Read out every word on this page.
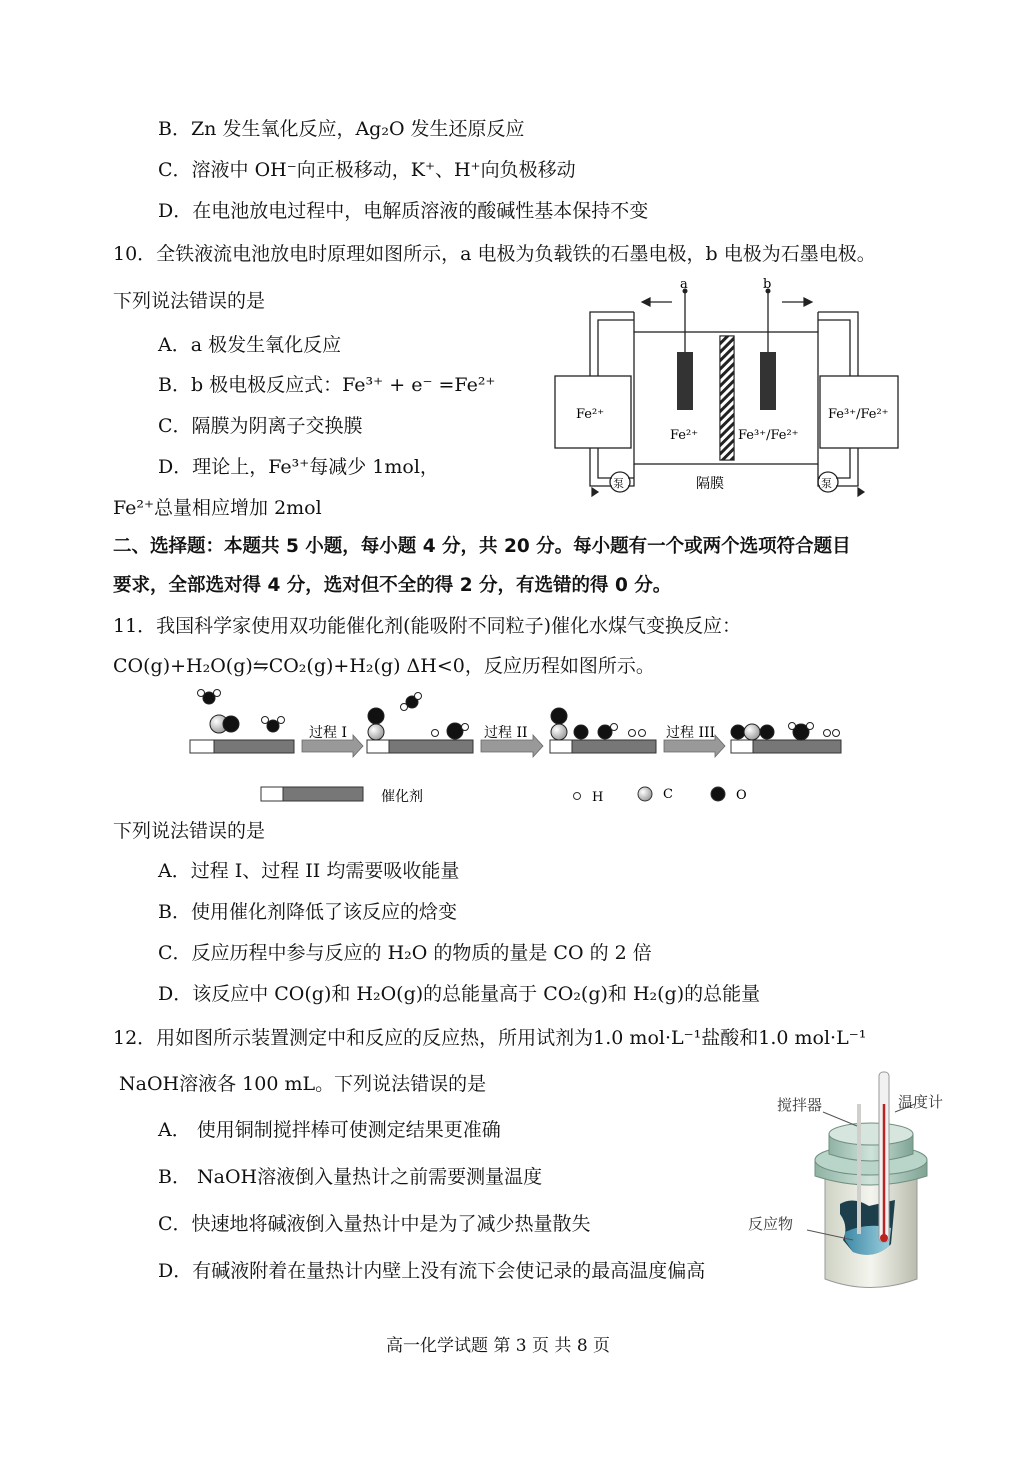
B．Zn 发生氧化反应，Ag₂O 发生还原反应
C．溶液中 OH⁻向正极移动，K⁺、H⁺向负极移动
D．在电池放电过程中，电解质溶液的酸碱性基本保持不变
10．全铁液流电池放电时原理如图所示，a 电极为负载铁的石墨电极，b 电极为石墨电极。
下列说法错误的是
A．a 极发生氧化反应
B．b 极电极反应式：Fe³⁺ + e⁻ =Fe²⁺
C．隔膜为阴离子交换膜
D．理论上，Fe³⁺每减少 1mol，
Fe²⁺总量相应增加 2mol
a	b
Fe²⁺
Fe²⁺	Fe³⁺/Fe²⁺
Fe³⁺/Fe²⁺
隔膜
泵	泵
二、选择题：本题共 5 小题，每小题 4 分，共 20 分。每小题有一个或两个选项符合题目
要求，全部选对得 4 分，选对但不全的得 2 分，有选错的得 0 分。
11．我国科学家使用双功能催化剂(能吸附不同粒子)催化水煤气变换反应：
CO(g)+H₂O(g)⇋CO₂(g)+H₂(g) ΔH<0，反应历程如图所示。
过程 I	过程 II	过程 III
催化剂	H	C	O
下列说法错误的是
A．过程 I、过程 II 均需要吸收能量
B．使用催化剂降低了该反应的焓变
C．反应历程中参与反应的 H₂O 的物质的量是 CO 的 2 倍
D．该反应中 CO(g)和 H₂O(g)的总能量高于 CO₂(g)和 H₂(g)的总能量
12．用如图所示装置测定中和反应的反应热，所用试剂为1.0 mol·L⁻¹盐酸和1.0 mol·L⁻¹
NaOH溶液各 100 mL。下列说法错误的是
A． 使用铜制搅拌棒可使测定结果更准确
B． NaOH溶液倒入量热计之前需要测量温度
C．快速地将碱液倒入量热计中是为了减少热量散失
D．有碱液附着在量热计内壁上没有流下会使记录的最高温度偏高
搅拌器	温度计
反应物
高一化学试题 第 3 页 共 8 页
